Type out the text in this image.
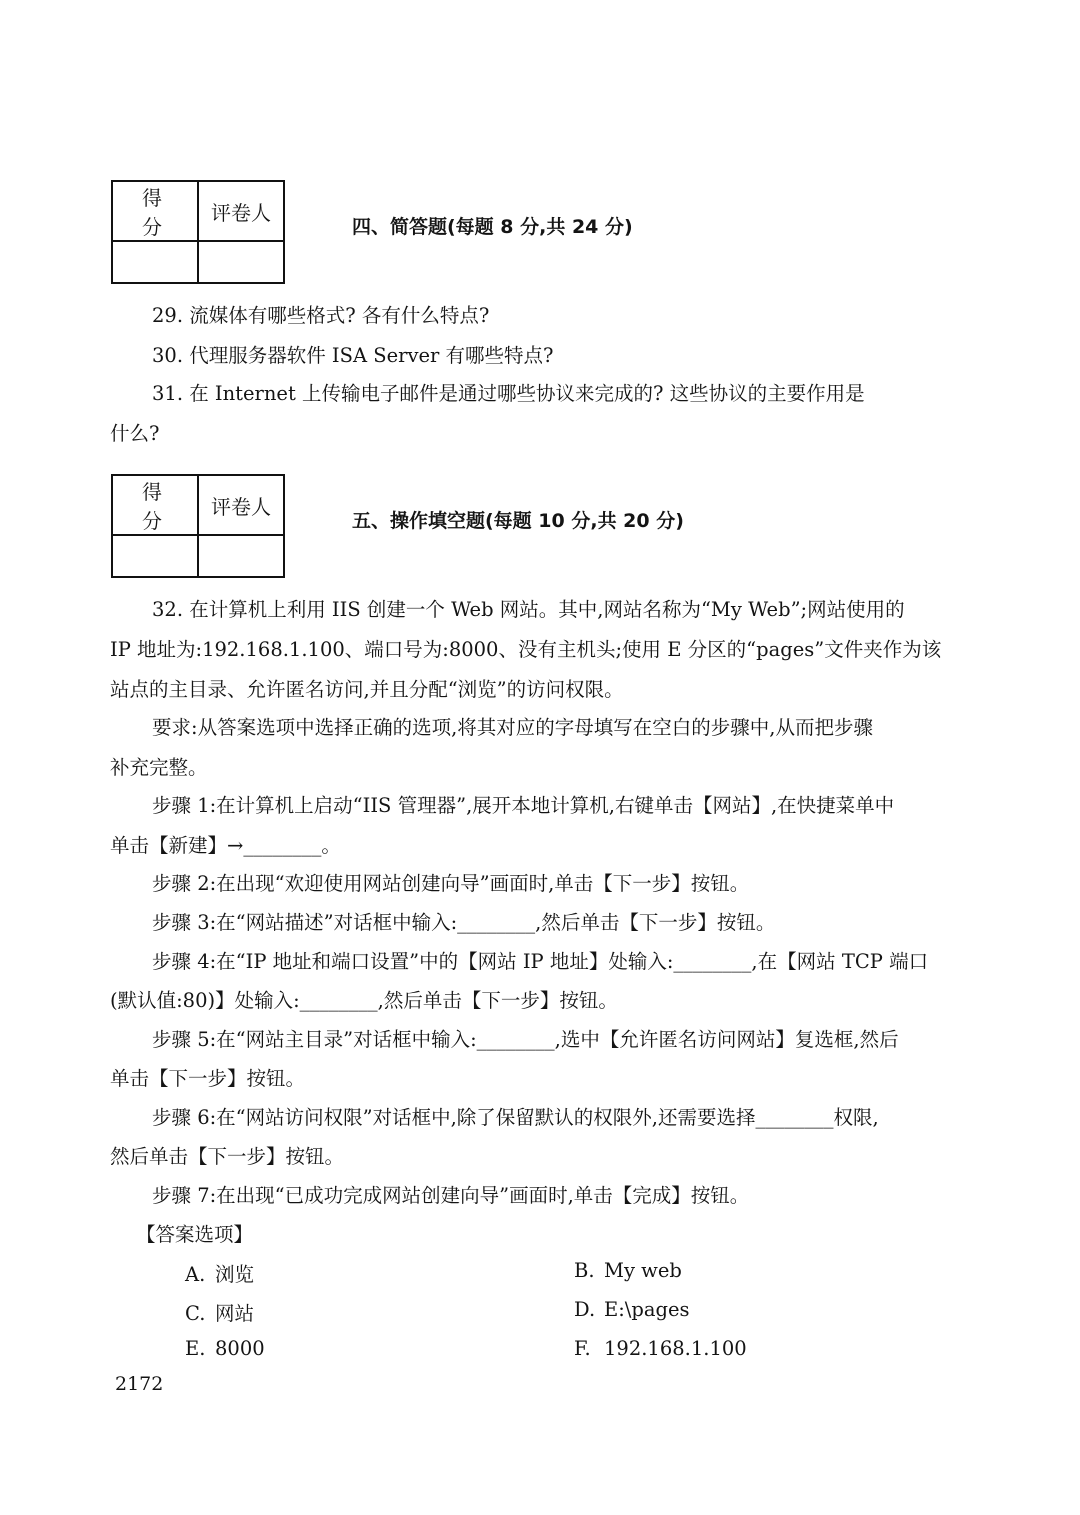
得 分	评卷人

四、简答题(每题 8 分,共 24 分)
29. 流媒体有哪些格式? 各有什么特点?
30. 代理服务器软件 ISA Server 有哪些特点?
31. 在 Internet 上传输电子邮件是通过哪些协议来完成的? 这些协议的主要作用是
什么?
得 分	评卷人

五、操作填空题(每题 10 分,共 20 分)
32. 在计算机上利用 IIS 创建一个 Web 网站。其中,网站名称为“My Web”;网站使用的
IP 地址为:192.168.1.100、端口号为:8000、没有主机头;使用 E 分区的“pages”文件夹作为该
站点的主目录、允许匿名访问,并且分配“浏览”的访问权限。
要求:从答案选项中选择正确的选项,将其对应的字母填写在空白的步骤中,从而把步骤
补充完整。
步骤 1:在计算机上启动“IIS 管理器”,展开本地计算机,右键单击【网站】,在快捷菜单中
单击【新建】→________。
步骤 2:在出现“欢迎使用网站创建向导”画面时,单击【下一步】按钮。
步骤 3:在“网站描述”对话框中输入:________,然后单击【下一步】按钮。
步骤 4:在“IP 地址和端口设置”中的【网站 IP 地址】处输入:________,在【网站 TCP 端口
(默认值:80)】处输入:________,然后单击【下一步】按钮。
步骤 5:在“网站主目录”对话框中输入:________,选中【允许匿名访问网站】复选框,然后
单击【下一步】按钮。
步骤 6:在“网站访问权限”对话框中,除了保留默认的权限外,还需要选择________权限,
然后单击【下一步】按钮。
步骤 7:在出现“已成功完成网站创建向导”画面时,单击【完成】按钮。
【答案选项】
A. 浏览	B. My web
C. 网站	D. E:\pages
E. 8000	F. 192.168.1.100
2172
